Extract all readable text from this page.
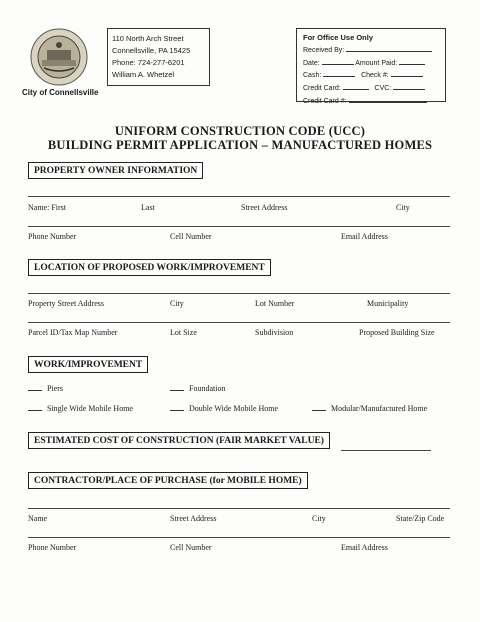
City of Connellsville
110 North Arch Street
Connellsville, PA 15425
Phone: 724-277-6201
William A. Whetzel
For Office Use Only
Received By:
Date:	Amount Paid:
Cash:	Check #:
Credit Card:	CVC:
Credit Card #:
UNIFORM CONSTRUCTION CODE (UCC)
BUILDING PERMIT APPLICATION – MANUFACTURED HOMES
PROPERTY OWNER INFORMATION
Name: First	Last	Street Address	City
Phone Number	Cell Number	Email Address
LOCATION OF PROPOSED WORK/IMPROVEMENT
Property Street Address	City	Lot Number	Municipality
Parcel ID/Tax Map Number	Lot Size	Subdivision	Proposed Building Size
WORK/IMPROVEMENT
Piers	Foundation
Single Wide Mobile Home	Double Wide Mobile Home	Modular/Manufactured Home
ESTIMATED COST OF CONSTRUCTION (FAIR MARKET VALUE)
CONTRACTOR/PLACE OF PURCHASE (for MOBILE HOME)
Name	Street Address	City	State/Zip Code
Phone Number	Cell Number	Email Address
